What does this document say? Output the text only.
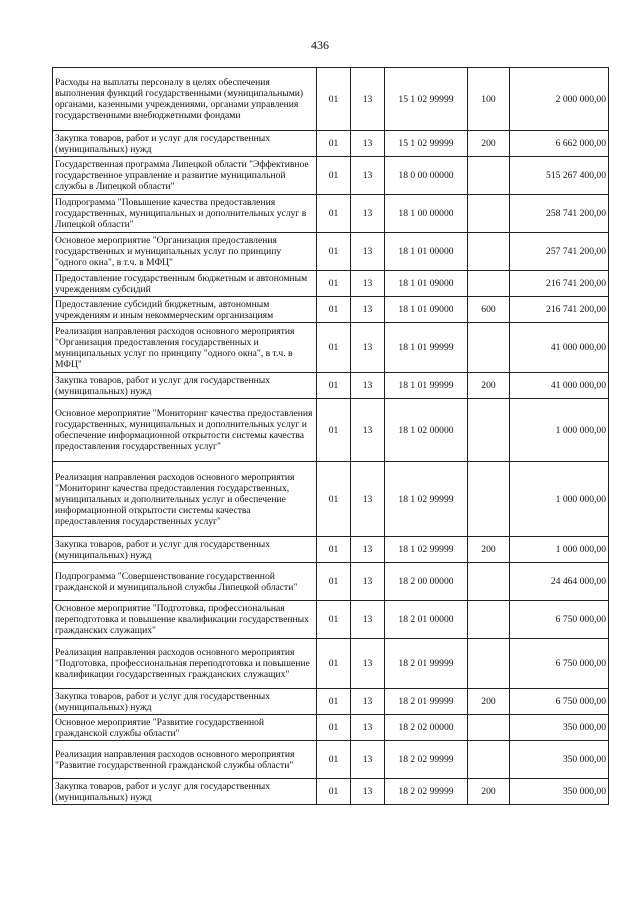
436
Расходы на выплаты персоналу в целях обеспечения выполнения функций государственными (муниципальными) органами, казенными учреждениями, органами управления государственными внебюджетными фондами	01	13	15 1 02 99999	100	2 000 000,00
Закупка товаров, работ и услуг для государственных (муниципальных) нужд	01	13	15 1 02 99999	200	6 662 000,00
Государственная программа Липецкой области "Эффективное государственное управление и развитие муниципальной службы в Липецкой области"	01	13	18 0 00 00000		515 267 400,00
Подпрограмма "Повышение качества предоставления государственных, муниципальных и дополнительных услуг в Липецкой области"	01	13	18 1 00 00000		258 741 200,00
Основное мероприятие "Организация предоставления государственных и муниципальных услуг по принципу "одного окна", в т.ч. в МФЦ"	01	13	18 1 01 00000		257 741 200,00
Предоставление государственным бюджетным и автономным учреждениям субсидий	01	13	18 1 01 09000		216 741 200,00
Предоставление субсидий бюджетным, автономным учреждениям и иным некоммерческим организациям	01	13	18 1 01 09000	600	216 741 200,00
Реализация направления расходов основного мероприятия "Организация предоставления государственных и муниципальных услуг по принципу "одного окна", в т.ч. в МФЦ"	01	13	18 1 01 99999		41 000 000,00
Закупка товаров, работ и услуг для государственных (муниципальных) нужд	01	13	18 1 01 99999	200	41 000 000,00
Основное мероприятие "Мониторинг качества предоставления государственных, муниципальных и дополнительных услуг и обеспечение информационной открытости системы качества предоставления государственных услуг"	01	13	18 1 02 00000		1 000 000,00
Реализация направления расходов основного мероприятия "Мониторинг качества предоставления государственных, муниципальных и дополнительных услуг и обеспечение информационной открытости системы качества предоставления государственных услуг"	01	13	18 1 02 99999		1 000 000,00
Закупка товаров, работ и услуг для государственных (муниципальных) нужд	01	13	18 1 02 99999	200	1 000 000,00
Подпрограмма "Совершенствование государственной гражданской и муниципальной службы Липецкой области"	01	13	18 2 00 00000		24 464 000,00
Основное мероприятие "Подготовка, профессиональная переподготовка и повышение квалификации государственных гражданских служащих"	01	13	18 2 01 00000		6 750 000,00
Реализация направления расходов основного мероприятия "Подготовка, профессиональная переподготовка и повышение квалификации государственных гражданских служащих"	01	13	18 2 01 99999		6 750 000,00
Закупка товаров, работ и услуг для государственных (муниципальных) нужд	01	13	18 2 01 99999	200	6 750 000,00
Основное мероприятие "Развитие государственной гражданской службы области"	01	13	18 2 02 00000		350 000,00
Реализация направления расходов основного мероприятия "Развитие государственной гражданской службы области"	01	13	18 2 02 99999		350 000,00
Закупка товаров, работ и услуг для государственных (муниципальных) нужд	01	13	18 2 02 99999	200	350 000,00
